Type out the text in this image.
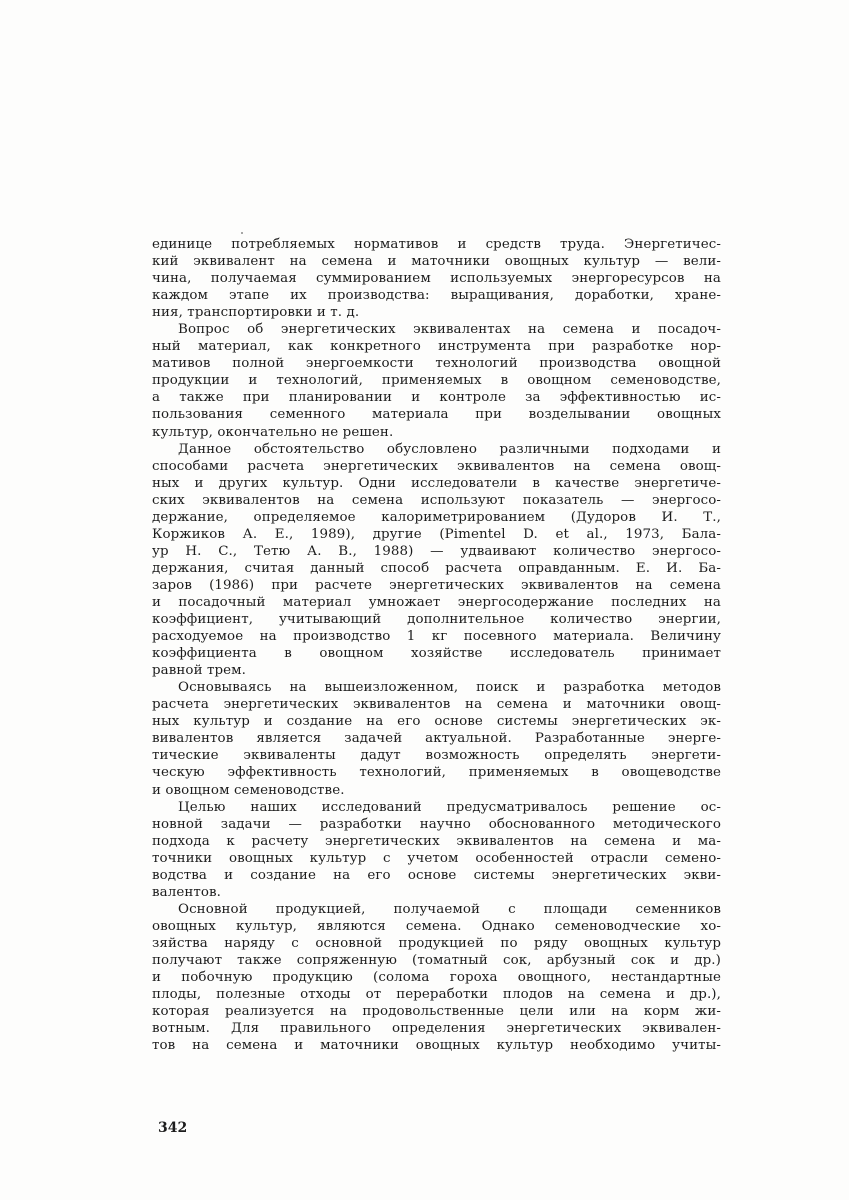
единице потребляемых нормативов и средств труда. Энергетичес-
кий эквивалент на семена и маточники овощных культур — вели-
чина, получаемая суммированием используемых энергоресурсов на
каждом этапе их производства: выращивания, доработки, хране-
ния, транспортировки и т. д.
Вопрос об энергетических эквивалентах на семена и посадоч-
ный материал, как конкретного инструмента при разработке нор-
мативов полной энергоемкости технологий производства овощной
продукции и технологий, применяемых в овощном семеноводстве,
а также при планировании и контроле за эффективностью ис-
пользования семенного материала при возделывании овощных
культур, окончательно не решен.
Данное обстоятельство обусловлено различными подходами и
способами расчета энергетических эквивалентов на семена овощ-
ных и других культур. Одни исследователи в качестве энергетиче-
ских эквивалентов на семена используют показатель — энергосо-
держание, определяемое калориметрированием (Дудоров И. Т.,
Коржиков А. Е., 1989), другие (Pimentel D. et al., 1973, Бала-
ур Н. С., Тетю А. В., 1988) — удваивают количество энергосо-
держания, считая данный способ расчета оправданным. Е. И. Ба-
заров (1986) при расчете энергетических эквивалентов на семена
и посадочный материал умножает энергосодержание последних на
коэффициент, учитывающий дополнительное количество энергии,
расходуемое на производство 1 кг посевного материала. Величину
коэффициента в овощном хозяйстве исследователь принимает
равной трем.
Основываясь на вышеизложенном, поиск и разработка методов
расчета энергетических эквивалентов на семена и маточники овощ-
ных культур и создание на его основе системы энергетических эк-
вивалентов является задачей актуальной. Разработанные энерге-
тические эквиваленты дадут возможность определять энергети-
ческую эффективность технологий, применяемых в овощеводстве
и овощном семеноводстве.
Целью наших исследований предусматривалось решение ос-
новной задачи — разработки научно обоснованного методического
подхода к расчету энергетических эквивалентов на семена и ма-
точники овощных культур с учетом особенностей отрасли семено-
водства и создание на его основе системы энергетических экви-
валентов.
Основной продукцией, получаемой с площади семенников
овощных культур, являются семена. Однако семеноводческие хо-
зяйства наряду с основной продукцией по ряду овощных культур
получают также сопряженную (томатный сок, арбузный сок и др.)
и побочную продукцию (солома гороха овощного, нестандартные
плоды, полезные отходы от переработки плодов на семена и др.),
которая реализуется на продовольственные цели или на корм жи-
вотным. Для правильного определения энергетических эквивален-
тов на семена и маточники овощных культур необходимо учиты-
342
